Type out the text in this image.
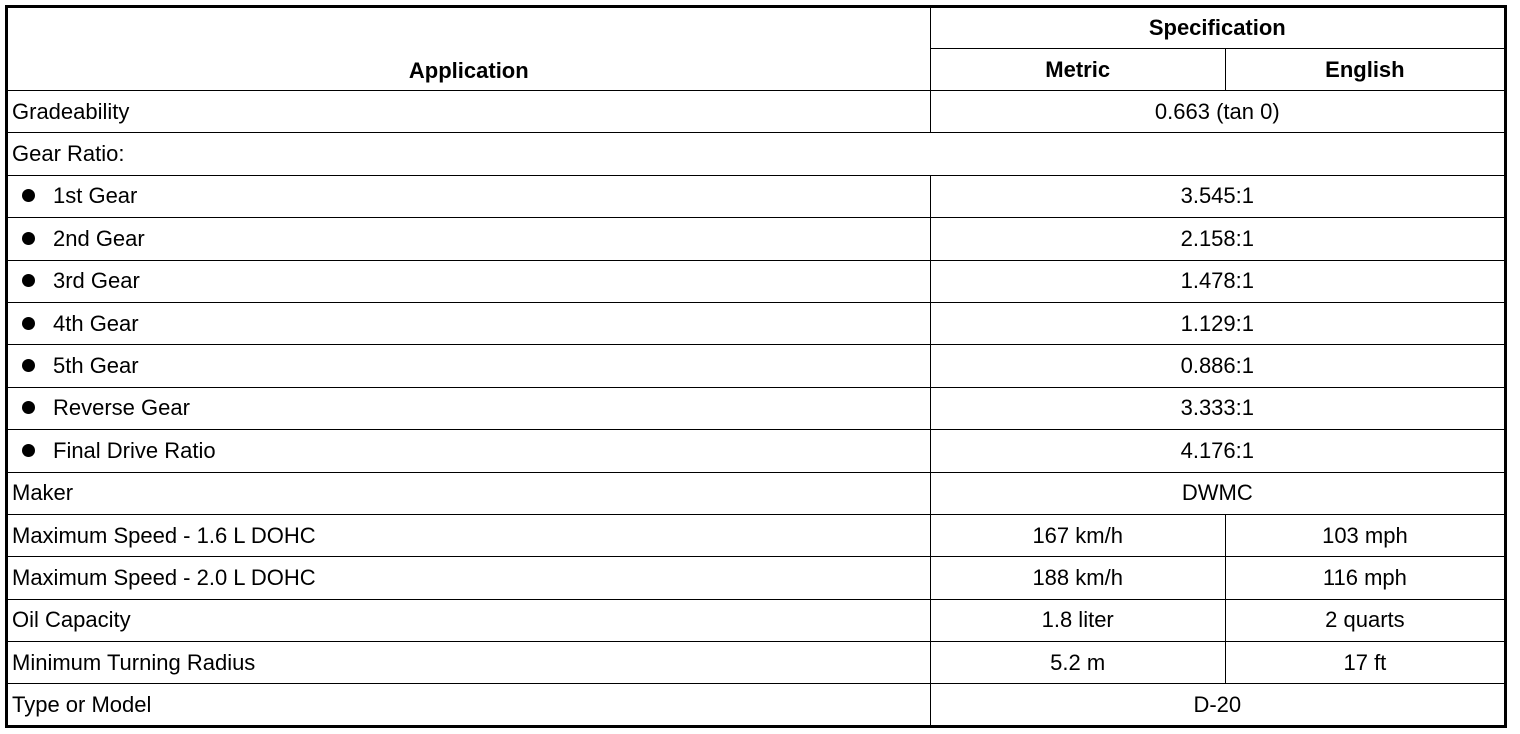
Application	Specification	
	Metric	English
Gradeability	0.663 (tan 0)	
Gear Ratio:		
1st Gear	3.545:1	
2nd Gear	2.158:1	
3rd Gear	1.478:1	
4th Gear	1.129:1	
5th Gear	0.886:1	
Reverse Gear	3.333:1	
Final Drive Ratio	4.176:1	
Maker	DWMC	
Maximum Speed - 1.6 L DOHC	167 km/h	103 mph
Maximum Speed - 2.0 L DOHC	188 km/h	116 mph
Oil Capacity	1.8 liter	2 quarts
Minimum Turning Radius	5.2 m	17 ft
Type or Model	D-20	
